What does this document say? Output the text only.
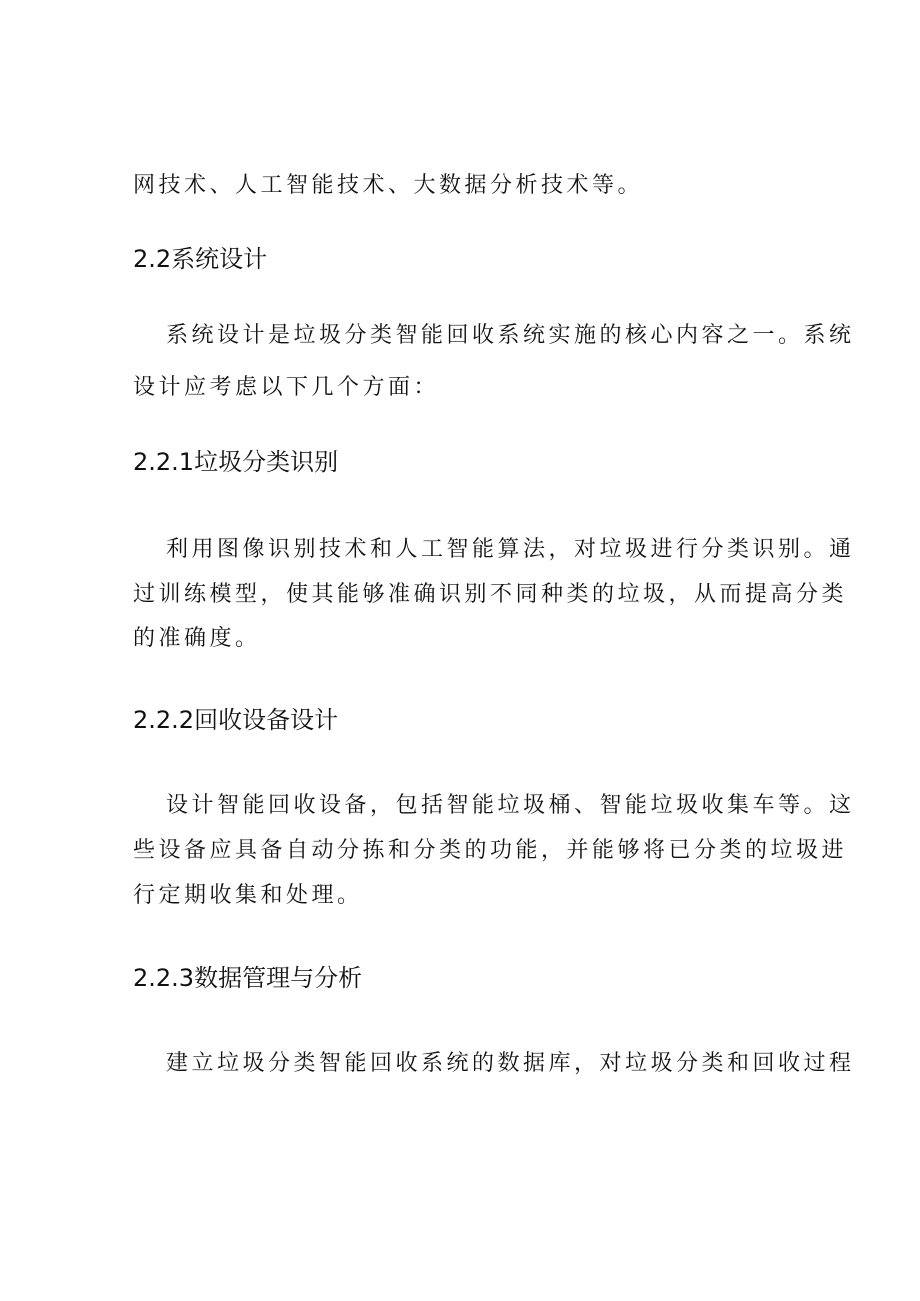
网技术、人工智能技术、大数据分析技术等。
2.2系统设计
系统设计是垃圾分类智能回收系统实施的核心内容之一。系统
设计应考虑以下几个方面：
2.2.1垃圾分类识别
利用图像识别技术和人工智能算法，对垃圾进行分类识别。通
过训练模型，使其能够准确识别不同种类的垃圾，从而提高分类
的准确度。
2.2.2回收设备设计
设计智能回收设备，包括智能垃圾桶、智能垃圾收集车等。这
些设备应具备自动分拣和分类的功能，并能够将已分类的垃圾进
行定期收集和处理。
2.2.3数据管理与分析
建立垃圾分类智能回收系统的数据库，对垃圾分类和回收过程
